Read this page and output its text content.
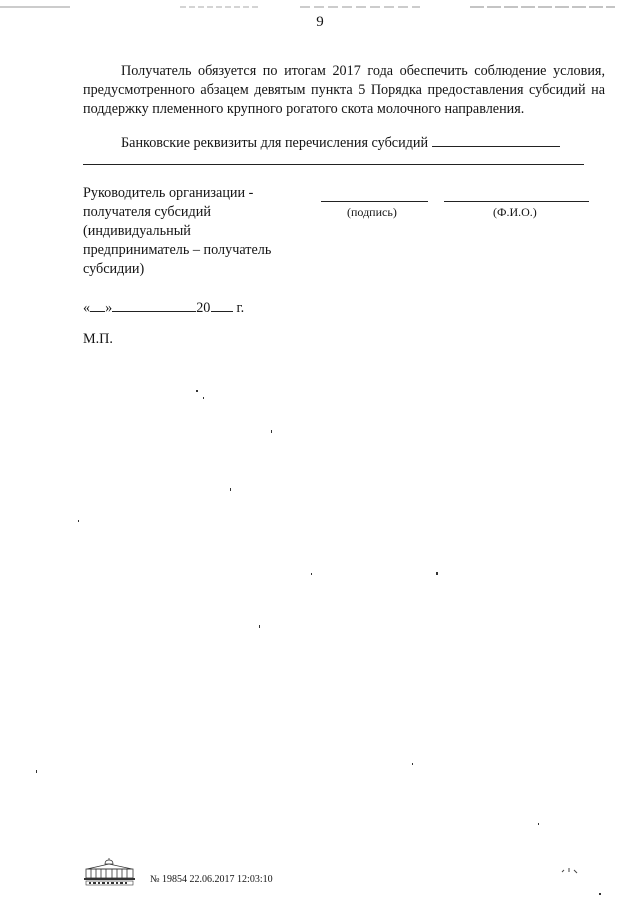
9

Получатель обязуется по итогам 2017 года обеспечить соблюдение условия, предусмотренного абзацем девятым пункта 5 Порядка предоставления субсидий на поддержку племенного крупного рогатого скота молочного направления.

Банковские реквизиты для перечисления субсидий
Руководитель организации -
получателя субсидий
(индивидуальный
предприниматель – получатель
субсидии)
(подпись)	(Ф.И.О.)
« »	20 г.
М.П.
№ 19854 22.06.2017 12:03:10
